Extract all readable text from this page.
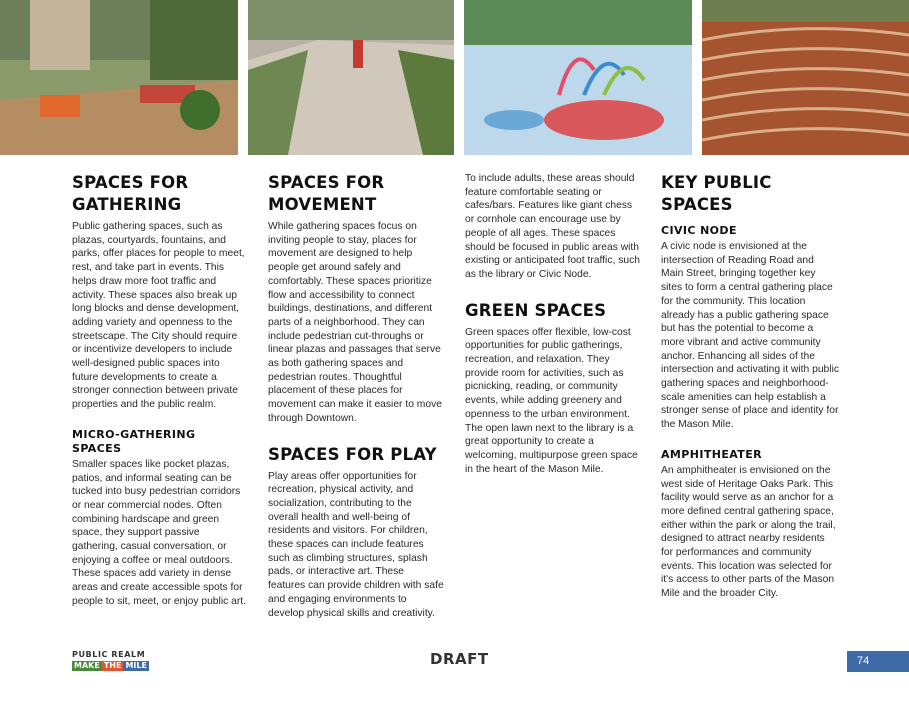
SPACES FOR GATHERING

Public gathering spaces, such as plazas, courtyards, fountains, and parks, offer places for people to meet, rest, and take part in events. This helps draw more foot traffic and activity. These spaces also break up long blocks and dense development, adding variety and openness to the streetscape. The City should require or incentivize developers to include well-designed public spaces into future developments to create a stronger connection between private properties and the public realm.

MICRO-GATHERING SPACES

Smaller spaces like pocket plazas, patios, and informal seating can be tucked into busy pedestrian corridors or near commercial nodes. Often combining hardscape and green space, they support passive gathering, casual conversation, or enjoying a coffee or meal outdoors. These spaces add variety in dense areas and create accessible spots for people to sit, meet, or enjoy public art.

SPACES FOR MOVEMENT

While gathering spaces focus on inviting people to stay, places for movement are designed to help people get around safely and comfortably. These spaces prioritize flow and accessibility to connect buildings, destinations, and different parts of a neighborhood. They can include pedestrian cut-throughs or linear plazas and passages that serve as both gathering spaces and pedestrian routes. Thoughtful placement of these places for movement can make it easier to move through Downtown.

SPACES FOR PLAY

Play areas offer opportunities for recreation, physical activity, and socialization, contributing to the overall health and well-being of residents and visitors. For children, these spaces can include features such as climbing structures, splash pads, or interactive art. These features can provide children with safe and engaging environments to develop physical skills and creativity.

To include adults, these areas should feature comfortable seating or cafes/bars. Features like giant chess or cornhole can encourage use by people of all ages. These spaces should be focused in public areas with existing or anticipated foot traffic, such as the library or Civic Node.

GREEN SPACES

Green spaces offer flexible, low-cost opportunities for public gatherings, recreation, and relaxation. They provide room for activities, such as picnicking, reading, or community events, while adding greenery and openness to the urban environment. The open lawn next to the library is a great opportunity to create a welcoming, multipurpose green space in the heart of the Mason Mile.

KEY PUBLIC SPACES
CIVIC NODE

A civic node is envisioned at the intersection of Reading Road and Main Street, bringing together key sites to form a central gathering place for the community. This location already has a public gathering space but has the potential to become a more vibrant and active community anchor. Enhancing all sides of the intersection and activating it with public gathering spaces and neighborhood-scale amenities can help establish a stronger sense of place and identity for the Mason Mile.

AMPHITHEATER

An amphitheater is envisioned on the west side of Heritage Oaks Park. This facility would serve as an anchor for a more defined central gathering space, either within the park or along the trail, designed to attract nearby residents for performances and community events. This location was selected for it's access to other parts of the Mason Mile and the broader City.

PUBLIC REALM
MAKE THE MILE	DRAFT	74
